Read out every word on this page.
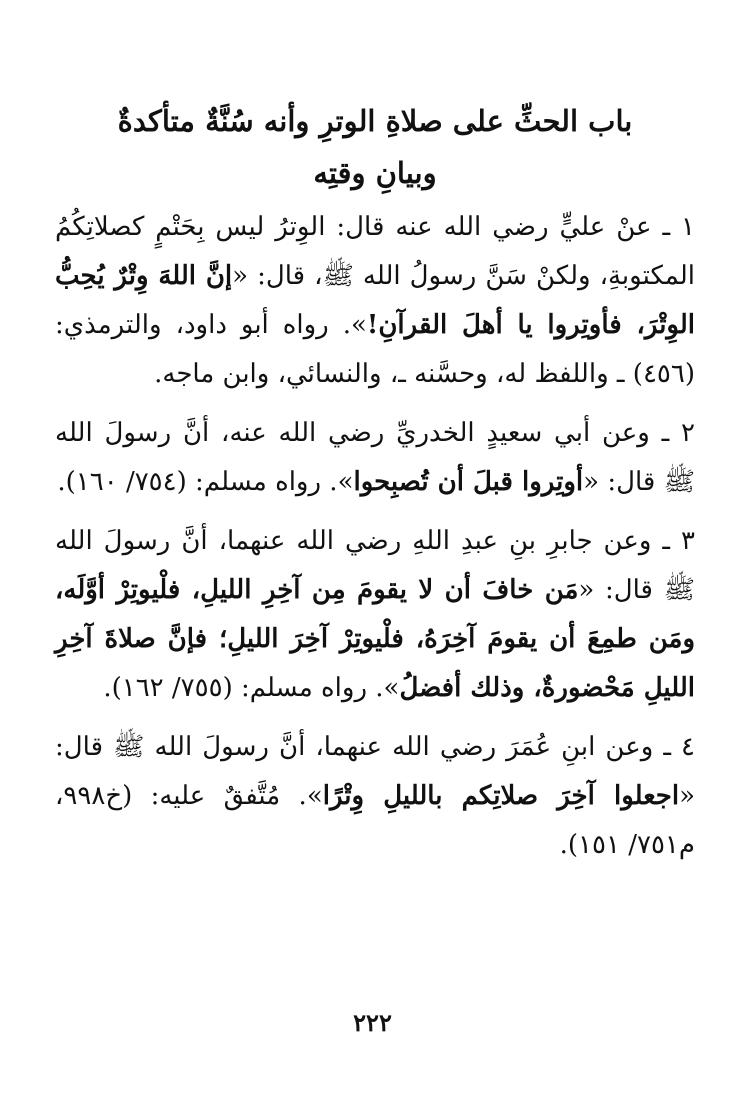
باب الحثِّ على صلاةِ الوترِ وأنه سُنَّةٌ متأكدةٌ
وبيانِ وقتِه

١ ـ عنْ عليٍّ رضي الله عنه قال: الوِترُ ليس بِحَتْمٍ كصلاتِكُمُ المكتوبةِ، ولكنْ سَنَّ رسولُ الله ﷺ، قال: «إنَّ اللهَ وِتْرٌ يُحِبُّ الوِتْرَ، فأوتِروا يا أهلَ القرآنِ!». رواه أبو داود، والترمذي: (٤٥٦) ـ واللفظ له، وحسَّنه ـ، والنسائي، وابن ماجه.

٢ ـ وعن أبي سعيدٍ الخدريِّ رضي الله عنه، أنَّ رسولَ الله ﷺ قال: «أوتِروا قبلَ أن تُصبِحوا». رواه مسلم: (٧٥٤/ ١٦٠).

٣ ـ وعن جابرِ بنِ عبدِ اللهِ رضي الله عنهما، أنَّ رسولَ الله ﷺ قال: «مَن خافَ أن لا يقومَ مِن آخِرِ الليلِ، فلْيوتِرْ أوَّلَه، ومَن طمِعَ أن يقومَ آخِرَهُ، فلْيوتِرْ آخِرَ الليلِ؛ فإنَّ صلاةَ آخِرِ الليلِ مَحْضورةٌ، وذلك أفضلُ». رواه مسلم: (٧٥٥/ ١٦٢).

٤ ـ وعن ابنِ عُمَرَ رضي الله عنهما، أنَّ رسولَ الله ﷺ قال: «اجعلوا آخِرَ صلاتِكم بالليلِ وِتْرًا». مُتَّفقٌ عليه: (خ٩٩٨، م٧٥١/ ١٥١).

٢٢٢
